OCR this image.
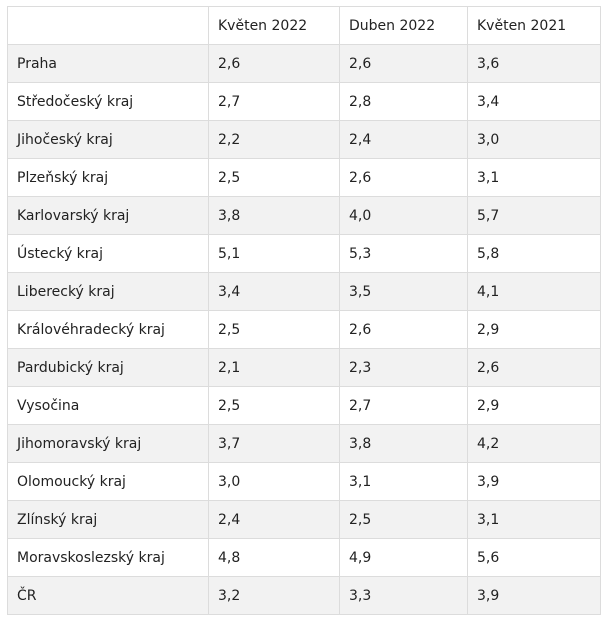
	Květen 2022	Duben 2022	Květen 2021
Praha	2,6	2,6	3,6
Středočeský kraj	2,7	2,8	3,4
Jihočeský kraj	2,2	2,4	3,0
Plzeňský kraj	2,5	2,6	3,1
Karlovarský kraj	3,8	4,0	5,7
Ústecký kraj	5,1	5,3	5,8
Liberecký kraj	3,4	3,5	4,1
Královéhradecký kraj	2,5	2,6	2,9
Pardubický kraj	2,1	2,3	2,6
Vysočina	2,5	2,7	2,9
Jihomoravský kraj	3,7	3,8	4,2
Olomoucký kraj	3,0	3,1	3,9
Zlínský kraj	2,4	2,5	3,1
Moravskoslezský kraj	4,8	4,9	5,6
ČR	3,2	3,3	3,9
